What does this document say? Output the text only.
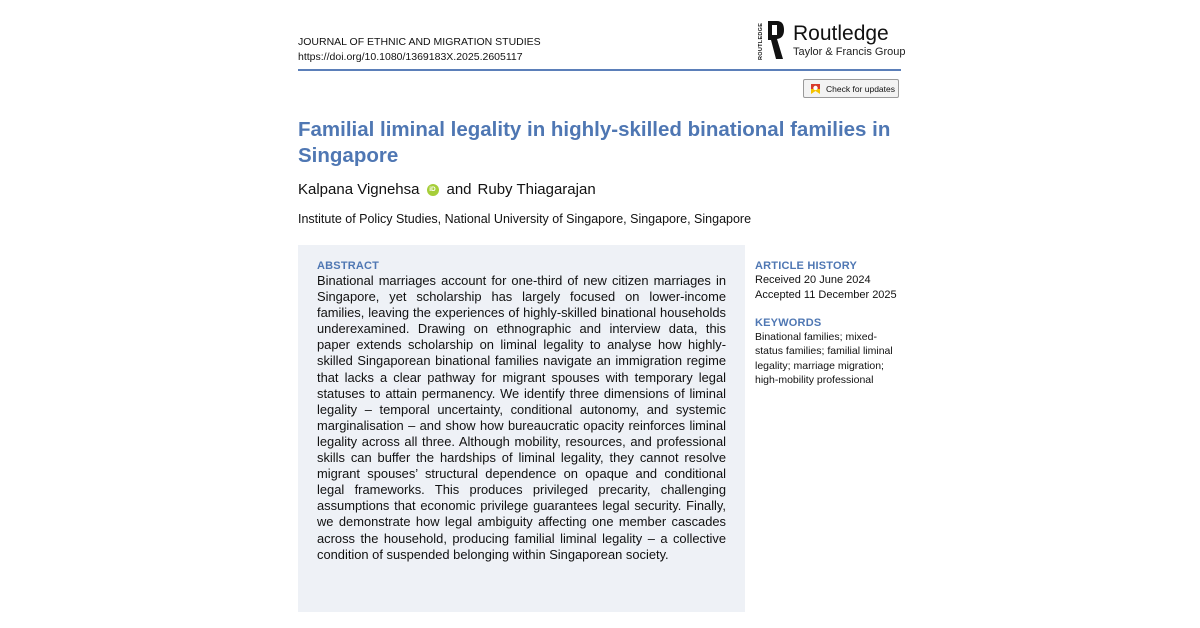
JOURNAL OF ETHNIC AND MIGRATION STUDIES
https://doi.org/10.1080/1369183X.2025.2605117	ROUTLEDGE Routledge
Taylor & Francis Group
Check for updates
Familial liminal legality in highly-skilled binational families in Singapore
Kalpana Vignehsa	iD and Ruby Thiagarajan
Institute of Policy Studies, National University of Singapore, Singapore, Singapore
ABSTRACT

Binational marriages account for one-third of new citizen marriages in Singapore, yet scholarship has largely focused on lower-income families, leaving the experiences of highly-skilled binational households underexamined. Drawing on ethnographic and interview data, this paper extends scholarship on liminal legality to analyse how highly-skilled Singaporean binational families navigate an immigration regime that lacks a clear pathway for migrant spouses with temporary legal statuses to attain permanency. We identify three dimensions of liminal legality – temporal uncertainty, conditional autonomy, and systemic marginalisation – and show how bureaucratic opacity reinforces liminal legality across all three. Although mobility, resources, and professional skills can buffer the hardships of liminal legality, they cannot resolve migrant spouses’ structural dependence on opaque and conditional legal frameworks. This produces privileged precarity, challenging assumptions that economic privilege guarantees legal security. Finally, we demonstrate how legal ambiguity affecting one member cascades across the household, producing familial liminal legality – a collective condition of suspended belonging within Singaporean society.

ARTICLE HISTORY
Received 20 June 2024
Accepted 11 December 2025
KEYWORDS
Binational families; mixed-status families; familial liminal legality; marriage migration; high-mobility professional
